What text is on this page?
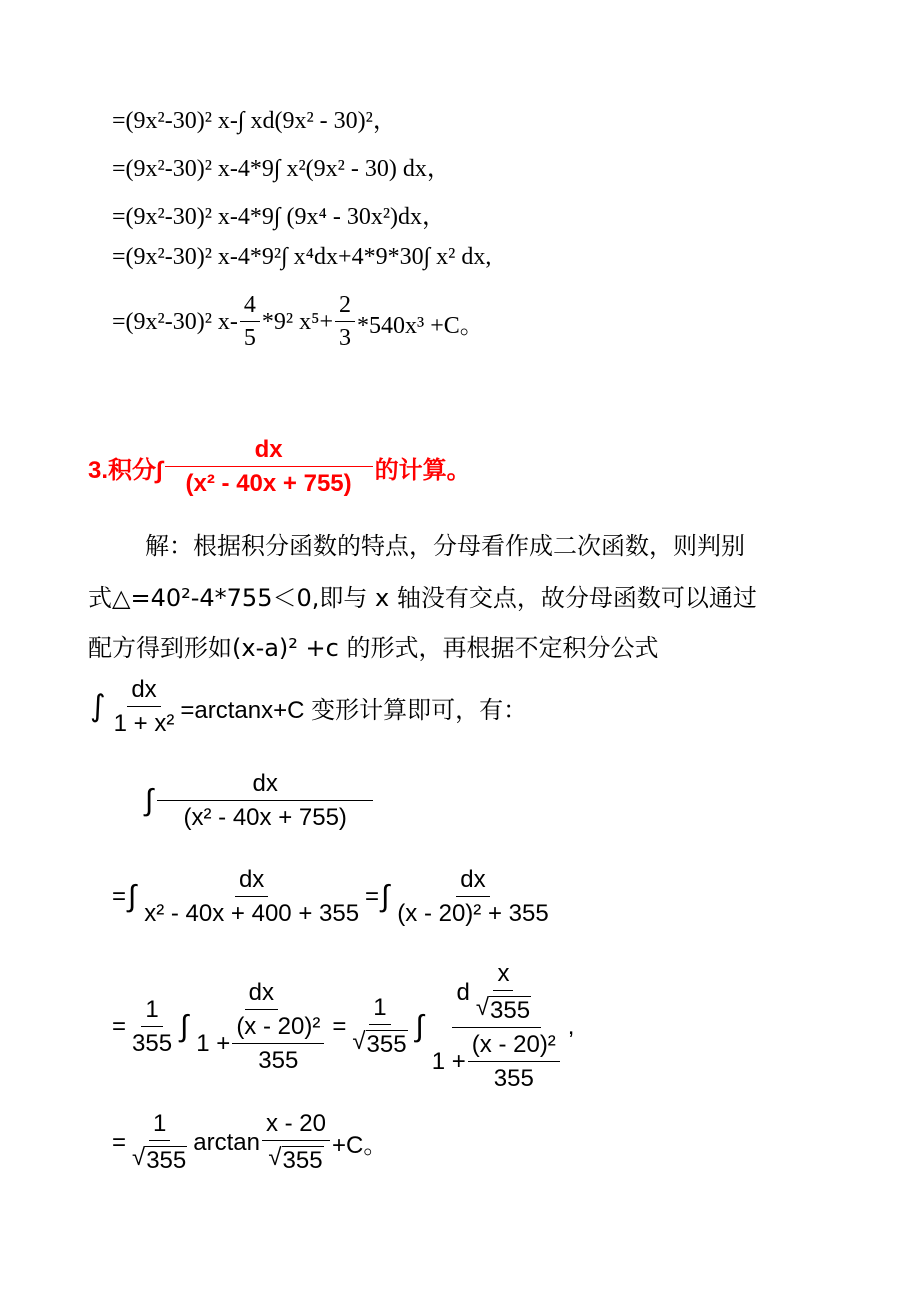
=(9x²-30)² x-∫ xd(9x² - 30)²，
=(9x²-30)² x-4*9∫ x²(9x² - 30) dx，
=(9x²-30)² x-4*9∫ (9x⁴ - 30x²)dx，
=(9x²-30)² x-4*9²∫ x⁴dx+4*9*30∫ x² dx,
=(9x²-30)² $x- \frac{4}{5} *9^2$ $x^5+ \frac{2}{3} *540x^3 +C$。
3.积分∫ $\frac{dx}{\text{(x² - 40x + 755)}}$ 的计算。
解：根据积分函数的特点，分母看作成二次函数，则判别
式△=40²-4*755＜0,即与 x 轴没有交点，故分母函数可以通过
配方得到形如(x-a)² +c 的形式，再根据不定积分公式
∫ $\frac{dx}{\text{1 + x²}} =\arctan x+C$ 变形计算即可，有：
∫ $\frac{dx}{\text{(x² - 40x + 755)}}$
= ∫ $\frac{dx}{\text{x² - 40x + 400 + 355}}$ = ∫ $\frac{dx}{\text{(x - 20)² + 355}}$
= $\frac{1}{355}$ ∫ $\frac{dx}{1 + \frac{\text{(x - 20)²}}{355}} = \frac{1}{√ 355}$ ∫
d $\frac{x}{√ 355}$
$1 + \frac{\text{(x - 20)²}}{355}$
,
= $\frac{1}{√ 355}$ $\arctan \frac{x - 20}{√ 355} +C$。
